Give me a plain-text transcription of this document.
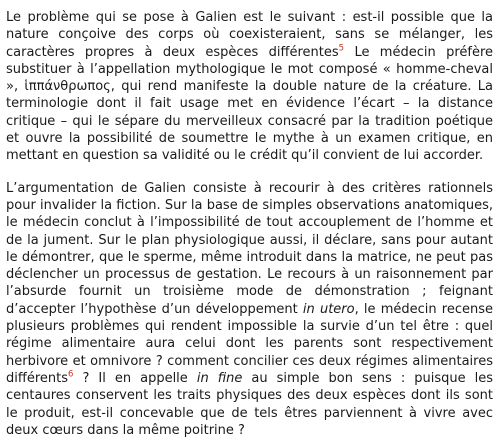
Le problème qui se pose à Galien est le suivant : est-il possible que la nature conçoive des corps où coexisteraient, sans se mélanger, les caractères propres à deux espèces différentes$^5$ Le médecin préfère substituer à l’appellation mythologique le mot composé « homme-cheval », ἱππάνθρωπος, qui rend manifeste la double nature de la créature. La terminologie dont il fait usage met en évidence l’écart – la distance critique – qui le sépare du merveilleux consacré par la tradition poétique et ouvre la possibilité de soumettre le mythe à un examen critique, en mettant en question sa validité ou le crédit qu’il convient de lui accorder.

L’argumentation de Galien consiste à recourir à des critères rationnels pour invalider la fiction. Sur la base de simples observations anatomiques, le médecin conclut à l’impossibilité de tout accouplement de l’homme et de la jument. Sur le plan physiologique aussi, il déclare, sans pour autant le démontrer, que le sperme, même introduit dans la matrice, ne peut pas déclencher un processus de gestation. Le recours à un raisonnement par l’absurde fournit un troisième mode de démonstration ; feignant d’accepter l’hypothèse d’un développement in utero, le médecin recense plusieurs problèmes qui rendent impossible la survie d’un tel être : quel régime alimentaire aura celui dont les parents sont respectivement herbivore et omnivore ? comment concilier ces deux régimes alimentaires différents$^6$ ? Il en appelle in fine au simple bon sens : puisque les centaures conservent les traits physiques des deux espèces dont ils sont le produit, est-il concevable que de tels êtres parviennent à vivre avec deux cœurs dans la même poitrine ?
